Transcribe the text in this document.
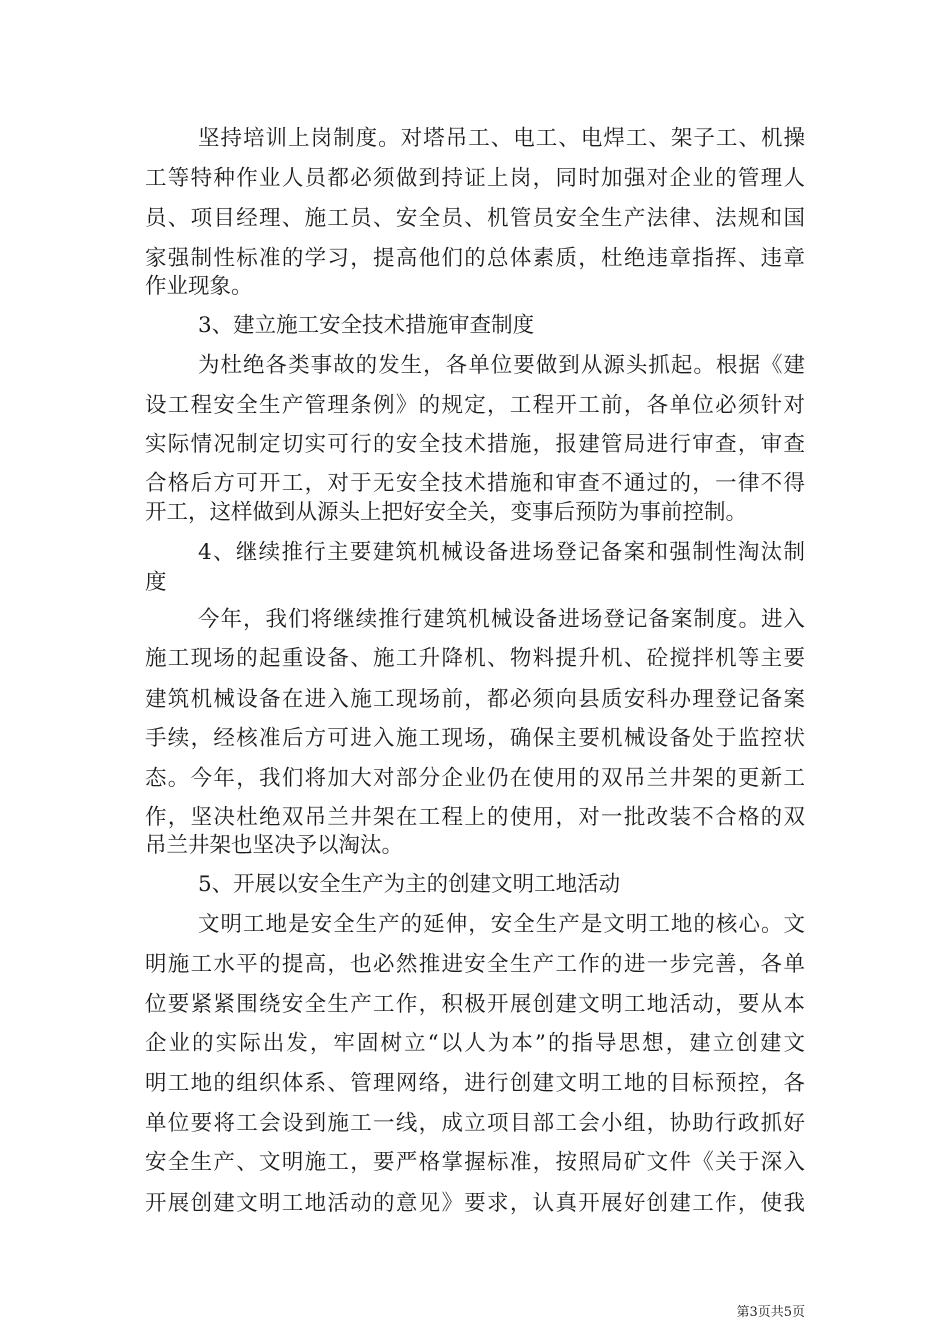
坚持培训上岗制度。对塔吊工、电工、电焊工、架子工、机操
工等特种作业人员都必须做到持证上岗，同时加强对企业的管理人
员、项目经理、施工员、安全员、机管员安全生产法律、法规和国
家强制性标准的学习，提高他们的总体素质，杜绝违章指挥、违章
作业现象。
3、建立施工安全技术措施审查制度
为杜绝各类事故的发生，各单位要做到从源头抓起。根据《建
设工程安全生产管理条例》的规定，工程开工前，各单位必须针对
实际情况制定切实可行的安全技术措施，报建管局进行审查，审查
合格后方可开工，对于无安全技术措施和审查不通过的，一律不得
开工，这样做到从源头上把好安全关，变事后预防为事前控制。
4、继续推行主要建筑机械设备进场登记备案和强制性淘汰制
度
今年，我们将继续推行建筑机械设备进场登记备案制度。进入
施工现场的起重设备、施工升降机、物料提升机、砼搅拌机等主要
建筑机械设备在进入施工现场前，都必须向县质安科办理登记备案
手续，经核准后方可进入施工现场，确保主要机械设备处于监控状
态。今年，我们将加大对部分企业仍在使用的双吊兰井架的更新工
作，坚决杜绝双吊兰井架在工程上的使用，对一批改装不合格的双
吊兰井架也坚决予以淘汰。
5、开展以安全生产为主的创建文明工地活动
文明工地是安全生产的延伸，安全生产是文明工地的核心。文
明施工水平的提高，也必然推进安全生产工作的进一步完善，各单
位要紧紧围绕安全生产工作，积极开展创建文明工地活动，要从本
企业的实际出发，牢固树立“以人为本”的指导思想，建立创建文
明工地的组织体系、管理网络，进行创建文明工地的目标预控，各
单位要将工会设到施工一线，成立项目部工会小组，协助行政抓好
安全生产、文明施工，要严格掌握标准，按照局矿文件《关于深入
开展创建文明工地活动的意见》要求，认真开展好创建工作，使我
第3页共5页
